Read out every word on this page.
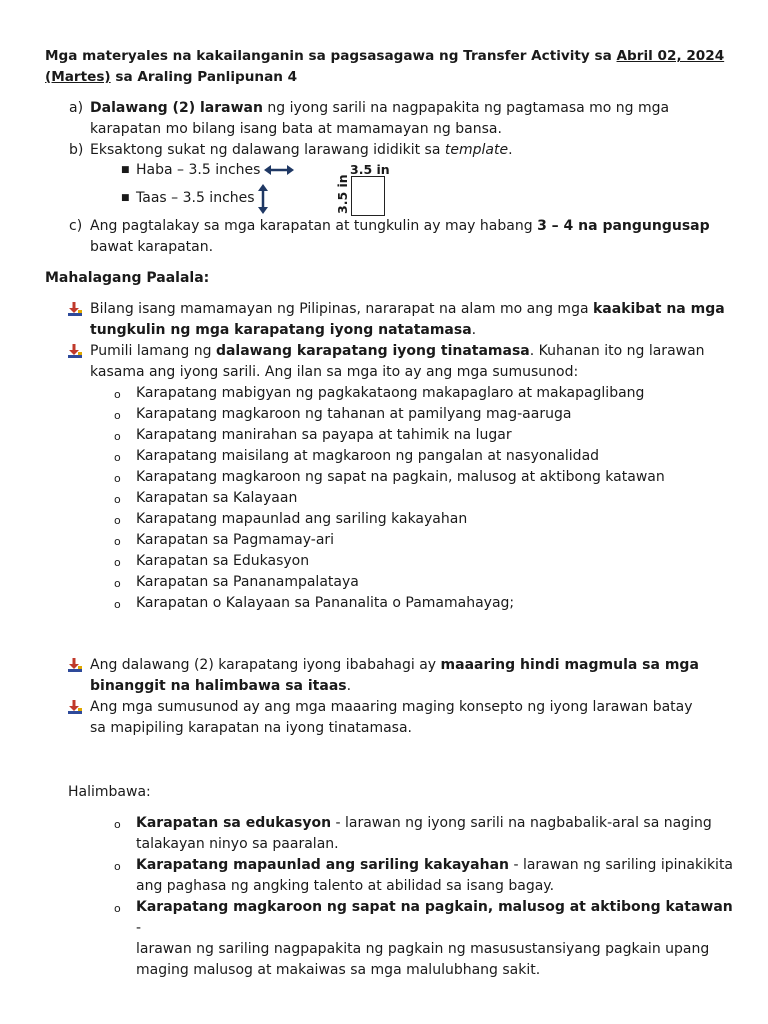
Mga materyales na kakailanganin sa pagsasagawa ng Transfer Activity sa Abril 02, 2024
(Martes) sa Araling Panlipunan 4
a) Dalawang (2) larawan ng iyong sarili na nagpapakita ng pagtamasa mo ng mga
karapatan mo bilang isang bata at mamamayan ng bansa.
b) Eksaktong sukat ng dalawang larawang ididikit sa template.
■ Haba – 3.5 inches
■ Taas – 3.5 inches
3.5 in
3.5 in
c) Ang pagtalakay sa mga karapatan at tungkulin ay may habang 3 – 4 na pangungusap
bawat karapatan.
Mahalagang Paalala:
Bilang isang mamamayan ng Pilipinas, nararapat na alam mo ang mga kaakibat na mga
tungkulin ng mga karapatang iyong natatamasa.
Pumili lamang ng dalawang karapatang iyong tinatamasa. Kuhanan ito ng larawan
kasama ang iyong sarili. Ang ilan sa mga ito ay ang mga sumusunod:
o Karapatang mabigyan ng pagkakataong makapaglaro at makapaglibang
o Karapatang magkaroon ng tahanan at pamilyang mag-aaruga
o Karapatang manirahan sa payapa at tahimik na lugar
o Karapatang maisilang at magkaroon ng pangalan at nasyonalidad
o Karapatang magkaroon ng sapat na pagkain, malusog at aktibong katawan
o Karapatan sa Kalayaan
o Karapatang mapaunlad ang sariling kakayahan
o Karapatan sa Pagmamay-ari
o Karapatan sa Edukasyon
o Karapatan sa Pananampalataya
o Karapatan o Kalayaan sa Pananalita o Pamamahayag;
Ang dalawang (2) karapatang iyong ibabahagi ay maaaring hindi magmula sa mga
binanggit na halimbawa sa itaas.
Ang mga sumusunod ay ang mga maaaring maging konsepto ng iyong larawan batay
sa mapipiling karapatan na iyong tinatamasa.
Halimbawa:
o Karapatan sa edukasyon - larawan ng iyong sarili na nagbabalik-aral sa naging
talakayan ninyo sa paaralan.
o Karapatang mapaunlad ang sariling kakayahan - larawan ng sariling ipinakikita
ang paghasa ng angking talento at abilidad sa isang bagay.
o Karapatang magkaroon ng sapat na pagkain, malusog at aktibong katawan -
larawan ng sariling nagpapakita ng pagkain ng masusustansiyang pagkain upang
maging malusog at makaiwas sa mga malulubhang sakit.
